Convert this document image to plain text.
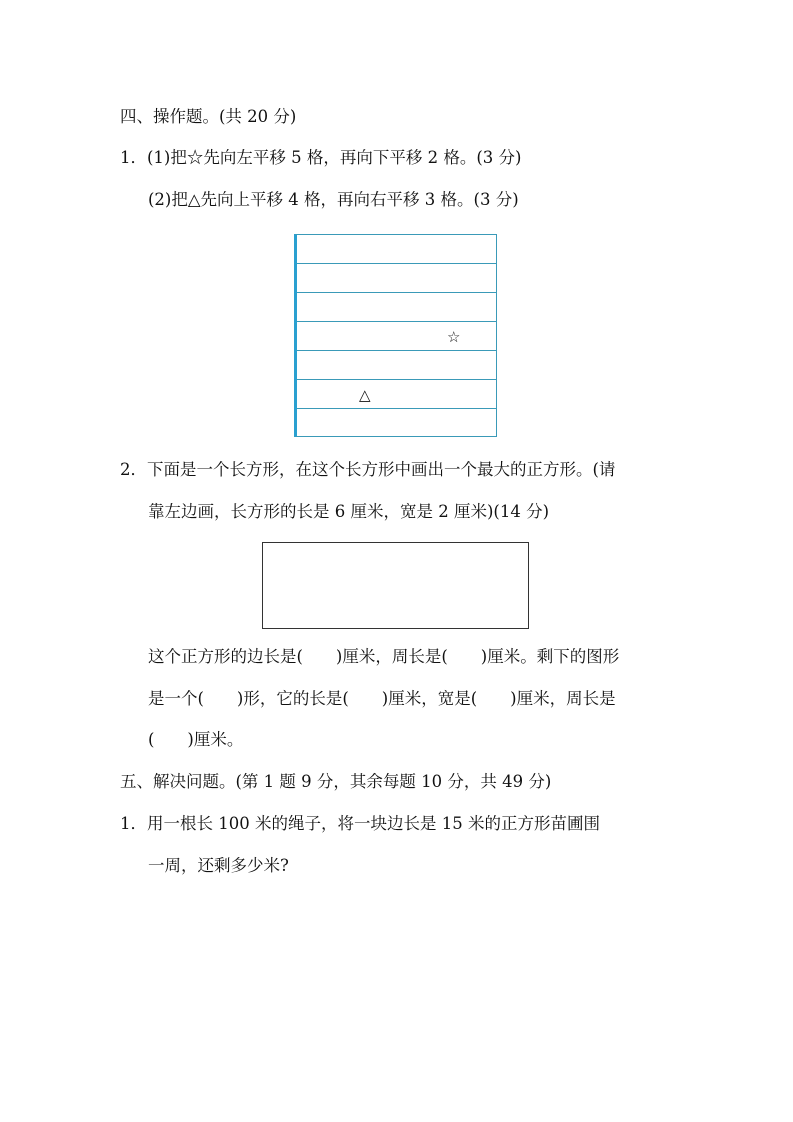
四、操作题。(共 20 分)
1．(1)把☆先向左平移 5 格，再向下平移 2 格。(3 分)
(2)把△先向上平移 4 格，再向右平移 3 格。(3 分)
☆
△
2．下面是一个长方形，在这个长方形中画出一个最大的正方形。(请
靠左边画，长方形的长是 6 厘米，宽是 2 厘米)(14 分)
这个正方形的边长是(　　)厘米，周长是(　　)厘米。剩下的图形
是一个(　　)形，它的长是(　　)厘米，宽是(　　)厘米，周长是
(　　)厘米。
五、解决问题。(第 1 题 9 分，其余每题 10 分，共 49 分)
1．用一根长 100 米的绳子，将一块边长是 15 米的正方形苗圃围
一周，还剩多少米?
